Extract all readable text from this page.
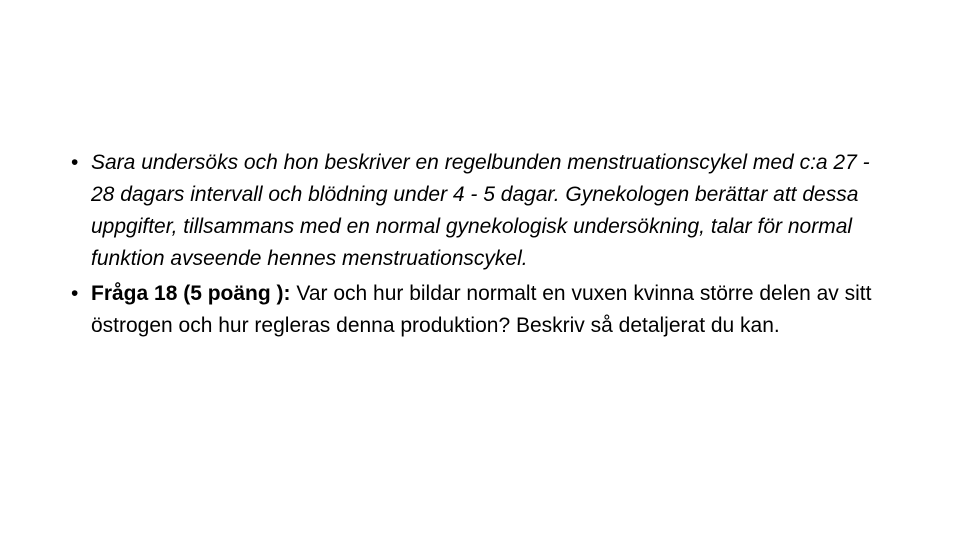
• Sara undersöks och hon beskriver en regelbunden menstruationscykel med c:a 27 - 28 dagars intervall och blödning under 4 - 5 dagar. Gynekologen berättar att dessa uppgifter, tillsammans med en normal gynekologisk undersökning, talar för normal funktion avseende hennes menstruationscykel.
• Fråga 18 (5 poäng ): Var och hur bildar normalt en vuxen kvinna större delen av sitt östrogen och hur regleras denna produktion? Beskriv så detaljerat du kan.
